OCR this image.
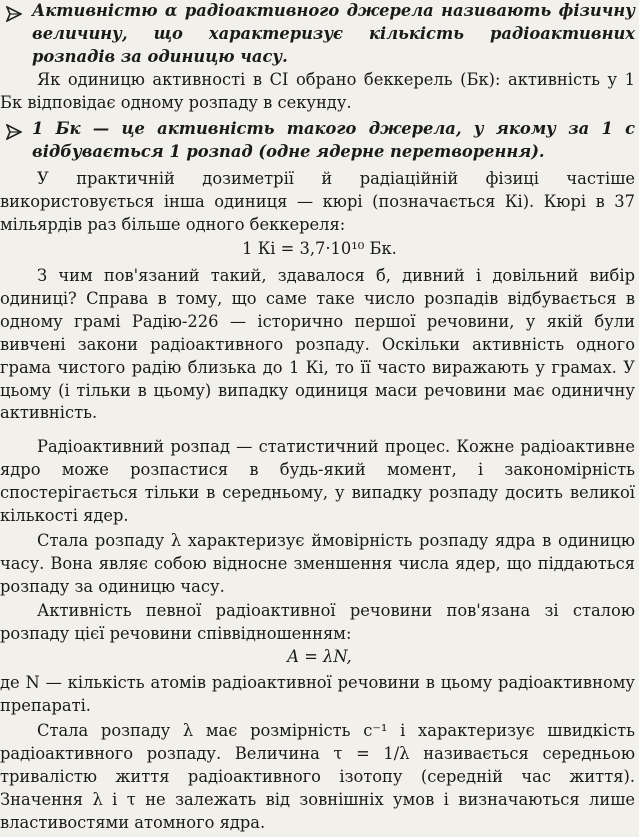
Активністю α радіоактивного джерела називають фізичну величину, що характеризує кількість радіоактивних розпадів за одиницю часу.
Як одиницю активності в СІ обрано беккерель (Бк): активність у 1 Бк відповідає одному розпаду в секунду.
1 Бк — це активність такого джерела, у якому за 1 с відбувається 1 розпад (одне ядерне перетворення).
У практичній дозиметрії й радіаційній фізиці частіше використовується інша одиниця — кюрі (позначається Кі). Кюрі в 37 мільярдів раз більше одного беккереля:
1 Кі = 3,7·10¹⁰ Бк.
З чим пов'язаний такий, здавалося б, дивний і довільний вибір одиниці? Справа в тому, що саме таке число розпадів відбувається в одному грамі Радію-226 — історично першої речовини, у якій були вивчені закони радіоактивного розпаду. Оскільки активність одного грама чистого радію близька до 1 Кі, то її часто виражають у грамах. У цьому (і тільки в цьому) випадку одиниця маси речовини має одиничну активність.
Радіоактивний розпад — статистичний процес. Кожне радіоактивне ядро може розпастися в будь-який момент, і закономірність спостерігається тільки в середньому, у випадку розпаду досить великої кількості ядер.
Стала розпаду λ характеризує ймовірність розпаду ядра в одиницю часу. Вона являє собою відносне зменшення числа ядер, що піддаються розпаду за одиницю часу.
Активність певної радіоактивної речовини пов'язана зі сталою розпаду цієї речовини співвідношенням:
A = λN,
де N — кількість атомів радіоактивної речовини в цьому радіоактивному препараті.
Стала розпаду λ має розмірність с⁻¹ і характеризує швидкість радіоактивного розпаду. Величина τ = 1/λ називається середньою тривалістю життя радіоактивного ізотопу (середній час життя). Значення λ і τ не залежать від зовнішніх умов і визначаються лише властивостями атомного ядра.
